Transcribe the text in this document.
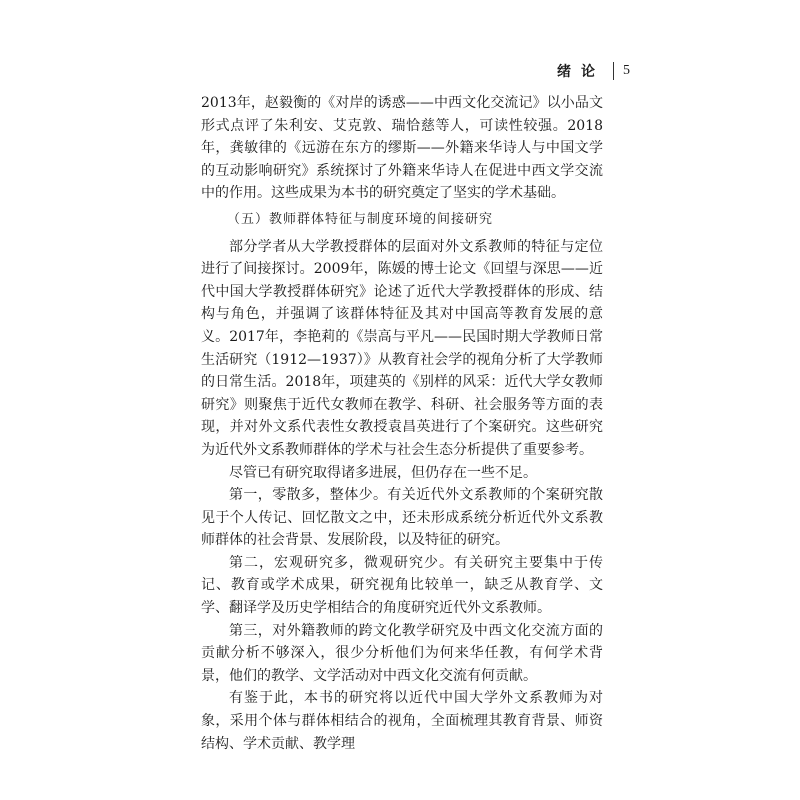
绪论 5

2013年，赵毅衡的《对岸的诱惑——中西文化交流记》以小品文形式点评了朱利安、艾克敦、瑞恰慈等人，可读性较强。2018年，龚敏律的《远游在东方的缪斯——外籍来华诗人与中国文学的互动影响研究》系统探讨了外籍来华诗人在促进中西文学交流中的作用。这些成果为本书的研究奠定了坚实的学术基础。

（五）教师群体特征与制度环境的间接研究

部分学者从大学教授群体的层面对外文系教师的特征与定位进行了间接探讨。2009年，陈媛的博士论文《回望与深思——近代中国大学教授群体研究》论述了近代大学教授群体的形成、结构与角色，并强调了该群体特征及其对中国高等教育发展的意义。2017年，李艳莉的《崇高与平凡——民国时期大学教师日常生活研究（1912—1937）》从教育社会学的视角分析了大学教师的日常生活。2018年，项建英的《别样的风采：近代大学女教师研究》则聚焦于近代女教师在教学、科研、社会服务等方面的表现，并对外文系代表性女教授袁昌英进行了个案研究。这些研究为近代外文系教师群体的学术与社会生态分析提供了重要参考。

尽管已有研究取得诸多进展，但仍存在一些不足。

第一，零散多，整体少。有关近代外文系教师的个案研究散见于个人传记、回忆散文之中，还未形成系统分析近代外文系教师群体的社会背景、发展阶段，以及特征的研究。

第二，宏观研究多，微观研究少。有关研究主要集中于传记、教育或学术成果，研究视角比较单一，缺乏从教育学、文学、翻译学及历史学相结合的角度研究近代外文系教师。

第三，对外籍教师的跨文化教学研究及中西文化交流方面的贡献分析不够深入，很少分析他们为何来华任教，有何学术背景，他们的教学、文学活动对中西文化交流有何贡献。

有鉴于此，本书的研究将以近代中国大学外文系教师为对象，采用个体与群体相结合的视角，全面梳理其教育背景、师资结构、学术贡献、教学理
